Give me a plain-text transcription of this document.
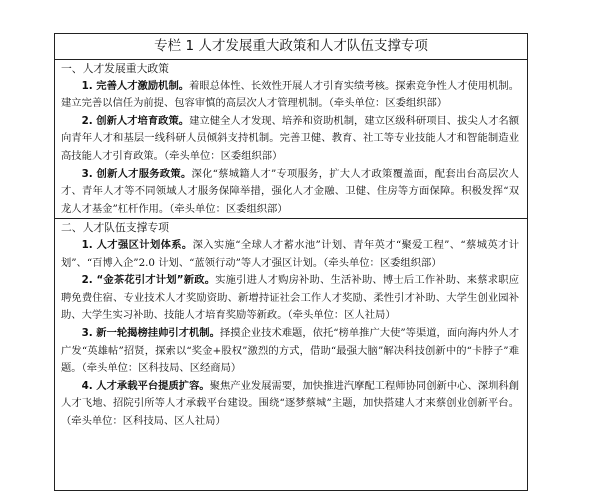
专栏 1 人才发展重大政策和人才队伍支撑专项

一、人才发展重大政策

1. 完善人才激励机制。着眼总体性、长效性开展人才引育实绩考核。探索竞争性人才使用机制。建立完善以信任为前提、包容审慎的高层次人才管理机制。（牵头单位：区委组织部）

2. 创新人才培育政策。建立健全人才发现、培养和资助机制，建立区级科研项目、拔尖人才名额向青年人才和基层一线科研人员倾斜支持机制。完善卫健、教育、社工等专业技能人才和智能制造业高技能人才引育政策。（牵头单位：区委组织部）

3. 创新人才服务政策。深化“蔡城籍人才”专项服务，扩大人才政策覆盖面，配套出台高层次人才、青年人才等不同领域人才服务保障举措，强化人才金融、卫健、住房等方面保障。积极发挥“双龙人才基金”杠杆作用。（牵头单位：区委组织部）

二、人才队伍支撑专项

1. 人才强区计划体系。深入实施“全球人才蓄水池”计划、青年英才“聚爱工程”、“蔡城英才计划”、“百博入企”2.0 计划、“蓝领行动”等人才强区计划。（牵头单位：区委组织部）

2. “金茶花引才计划”新政。实施引进人才购房补助、生活补助、博士后工作补助、来蔡求职应聘免费住宿、专业技术人才奖励资助、新增持证社会工作人才奖励、柔性引才补助、大学生创业园补助、大学生实习补助、技能人才培育奖励等新政。（牵头单位：区人社局）

3. 新一轮揭榜挂帅引才机制。择摸企业技术难题，依托“榜单推广大使”等渠道，面向海内外人才广发“英雄帖”招贤，探索以“奖金+股权”激烈的方式，借助“最强大脑”解决科技创新中的“卡脖子”难题。（牵头单位：区科技局、区经商局）

4. 人才承载平台提质扩容。聚焦产业发展需要，加快推进汽摩配工程师协同创新中心、深圳科創人才飞地、招院引所等人才承载平台建设。围绕“逐梦蔡城”主题，加快搭建人才来蔡创业创新平台。（牵头单位：区科技局、区人社局）
